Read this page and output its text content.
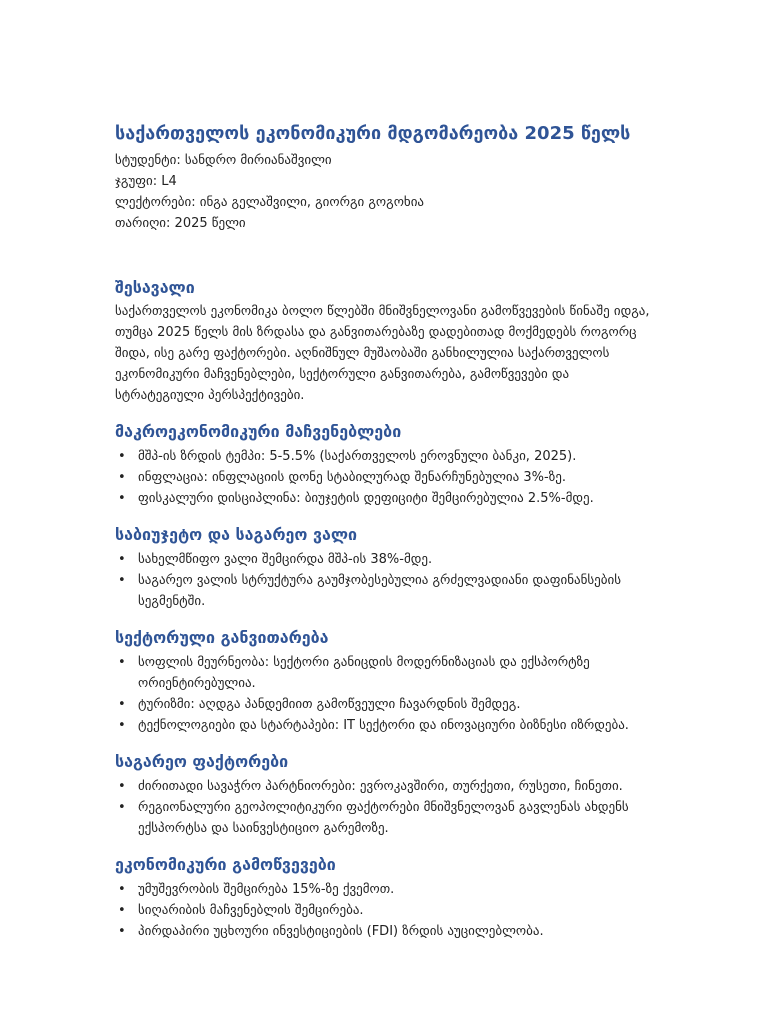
საქართველოს ეკონომიკური მდგომარეობა 2025 წელს

სტუდენტი: სანდრო მირიანაშვილი

ჯგუფი: L4

ლექტორები: ინგა გელაშვილი, გიორგი გოგოხია

თარიღი: 2025 წელი

შესავალი

საქართველოს ეკონომიკა ბოლო წლებში მნიშვნელოვანი გამოწვევების წინაშე იდგა, თუმცა 2025 წელს მის ზრდასა და განვითარებაზე დადებითად მოქმედებს როგორც შიდა, ისე გარე ფაქტორები. აღნიშნულ მუშაობაში განხილულია საქართველოს ეკონომიკური მაჩვენებლები, სექტორული განვითარება, გამოწვევები და სტრატეგიული პერსპექტივები.

მაკროეკონომიკური მაჩვენებლები
• მშპ-ის ზრდის ტემპი: 5-5.5% (საქართველოს ეროვნული ბანკი, 2025).
• ინფლაცია: ინფლაციის დონე სტაბილურად შენარჩუნებულია 3%-ზე.
• ფისკალური დისციპლინა: ბიუჯეტის დეფიციტი შემცირებულია 2.5%-მდე.
საბიუჯეტო და საგარეო ვალი
• სახელმწიფო ვალი შემცირდა მშპ-ის 38%-მდე.
• საგარეო ვალის სტრუქტურა გაუმჯობესებულია გრძელვადიანი დაფინანსების სეგმენტში.
სექტორული განვითარება
• სოფლის მეურნეობა: სექტორი განიცდის მოდერნიზაციას და ექსპორტზე ორიენტირებულია.
• ტურიზმი: აღდგა პანდემიით გამოწვეული ჩავარდნის შემდეგ.
• ტექნოლოგიები და სტარტაპები: IT სექტორი და ინოვაციური ბიზნესი იზრდება.
საგარეო ფაქტორები
• ძირითადი სავაჭრო პარტნიორები: ევროკავშირი, თურქეთი, რუსეთი, ჩინეთი.
• რეგიონალური გეოპოლიტიკური ფაქტორები მნიშვნელოვან გავლენას ახდენს ექსპორტსა და საინვესტიციო გარემოზე.
ეკონომიკური გამოწვევები
• უმუშევრობის შემცირება 15%-ზე ქვემოთ.
• სიღარიბის მაჩვენებლის შემცირება.
• პირდაპირი უცხოური ინვესტიციების (FDI) ზრდის აუცილებლობა.
